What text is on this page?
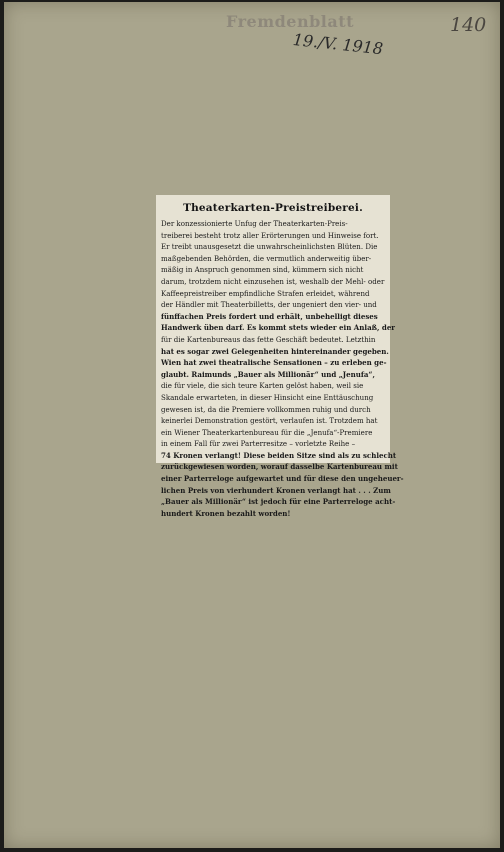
Fremdenblatt
19./V. 1918
140
Theaterkarten-Preistreiberei.
Der konzessionierte Unfug der Theaterkarten-Preis-
treiberei besteht trotz aller Erörterungen und Hinweise fort.
Er treibt unausgesetzt die unwahrscheinlichsten Blüten. Die
maßgebenden Behörden, die vermutlich anderweitig über-
mäßig in Anspruch genommen sind, kümmern sich nicht
darum, trotzdem nicht einzusehen ist, weshalb der Mehl- oder
Kaffeepreistreiber empfindliche Strafen erleidet, während
der Händler mit Theaterbilletts, der ungeniert den vier- und
fünffachen Preis fordert und erhält, unbehelligt dieses
Handwerk üben darf. Es kommt stets wieder ein Anlaß, der
für die Kartenbureaus das fette Geschäft bedeutet. Letzthin
hat es sogar zwei Gelegenheiten hintereinander gegeben.
Wien hat zwei theatralische Sensationen – zu erleben ge-
glaubt. Raimunds „Bauer als Millionär“ und „Jenufa“,
die für viele, die sich teure Karten gelöst haben, weil sie
Skandale erwarteten, in dieser Hinsicht eine Enttäuschung
gewesen ist, da die Premiere vollkommen ruhig und durch
keinerlei Demonstration gestört, verlaufen ist. Trotzdem hat
ein Wiener Theaterkartenbureau für die „Jenufa“-Premiere
in einem Fall für zwei Parterresitze – vorletzte Reihe –
74 Kronen verlangt! Diese beiden Sitze sind als zu schlecht
zurückgewiesen worden, worauf dasselbe Kartenbureau mit
einer Parterreloge aufgewartet und für diese den ungeheuer-
lichen Preis von vierhundert Kronen verlangt hat . . . Zum
„Bauer als Millionär“ ist jedoch für eine Parterreloge acht-
hundert Kronen bezahlt worden!
